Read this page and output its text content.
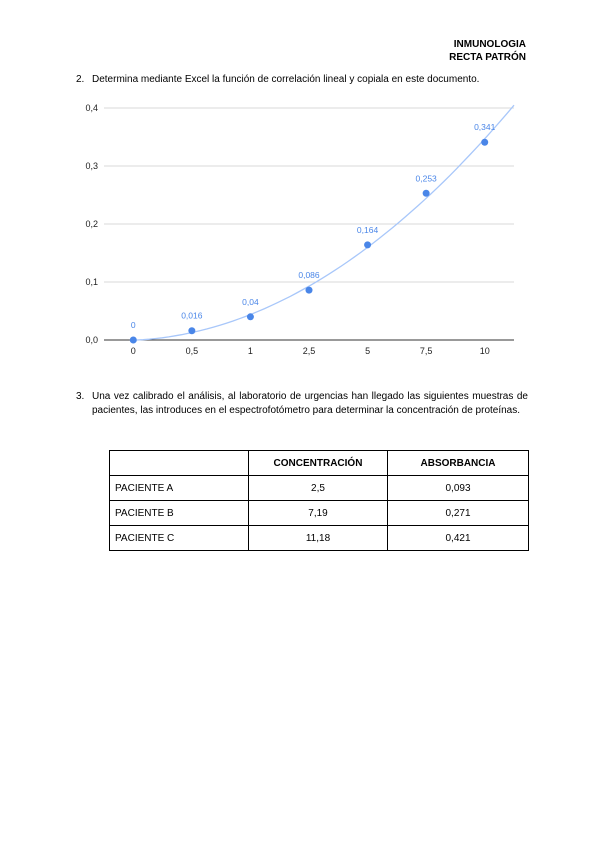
INMUNOLOGIA
RECTA PATRÓN
2. Determina mediante Excel la función de correlación lineal y copiala en este documento.
0,0
0,1
0,2
0,3
0,4
0	0,5	1	2,5	5	7,5	10
0
0,016
0,04
0,086
0,164
0,253
0,341
3. Una vez calibrado el análisis, al laboratorio de urgencias han llegado las siguientes muestras de pacientes, las introduces en el espectrofotómetro para determinar la concentración de proteínas.
	CONCENTRACIÓN	ABSORBANCIA
PACIENTE A	2,5	0,093
PACIENTE B	7,19	0,271
PACIENTE C	11,18	0,421
